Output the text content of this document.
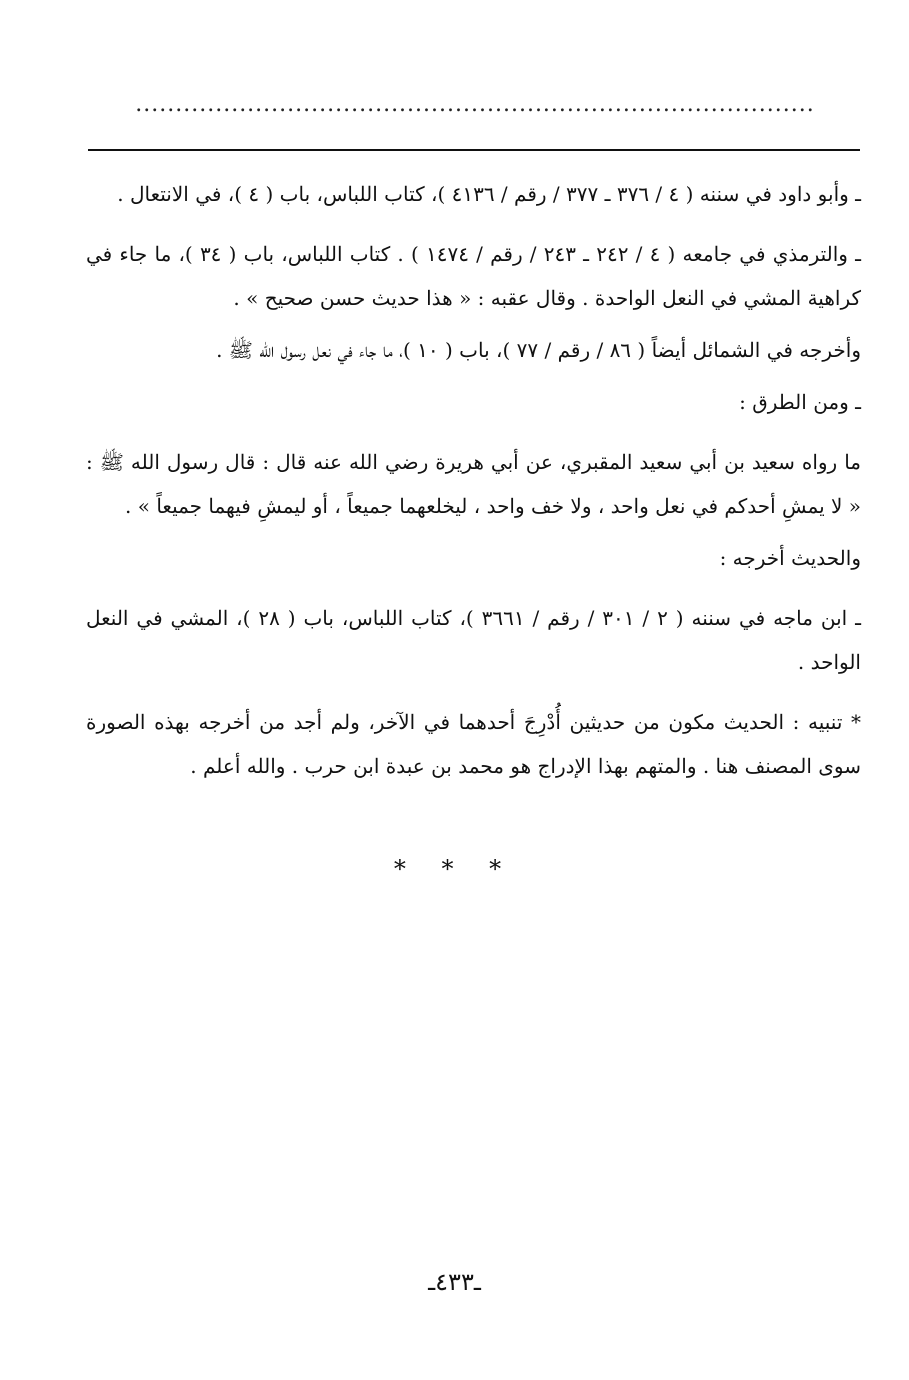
.....................................................................................

ـ وأبو داود في سننه ( ٤ / ٣٧٦ ـ ٣٧٧ / رقم / ٤١٣٦ )، كتاب اللباس، باب ( ٤ )، في الانتعال .

ـ والترمذي في جامعه ( ٤ / ٢٤٢ ـ ٢٤٣ / رقم / ١٤٧٤ ) . كتاب اللباس، باب ( ٣٤ )، ما جاء في كراهية المشي في النعل الواحدة . وقال عقبه : « هذا حديث حسن صحيح » .

وأخرجه في الشمائل أيضاً ( ٨٦ / رقم / ٧٧ )، باب ( ١٠ )، ما جاء في نعل رسول الله ﷺ .

ـ ومن الطرق :

ما رواه سعيد بن أبي سعيد المقبري، عن أبي هريرة رضي الله عنه قال : قال رسول الله ﷺ : « لا يمشِ أحدكم في نعل واحد ، ولا خف واحد ، ليخلعهما جميعاً ، أو ليمشِ فيهما جميعاً » .

والحديث أخرجه :

ـ ابن ماجه في سننه ( ٢ / ٣٠١ / رقم / ٣٦٦١ )، كتاب اللباس، باب ( ٢٨ )، المشي في النعل الواحد .

* تنبيه : الحديث مكون من حديثين أُدْرِجَ أحدهما في الآخر، ولم أجد من أخرجه بهذه الصورة سوى المصنف هنا . والمتهم بهذا الإدراج هو محمد بن عبدة ابن حرب . والله أعلم .

* * *
ـ٤٣٣ـ
